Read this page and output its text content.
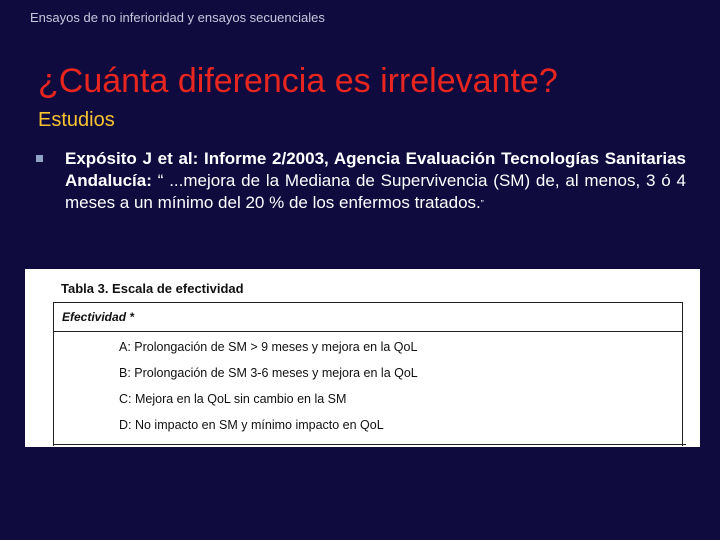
Ensayos de no inferioridad y ensayos secuenciales
¿Cuánta diferencia es irrelevante?
Estudios
Expósito J et al: Informe 2/2003, Agencia Evaluación Tecnologías Sanitarias Andalucía: “ ...mejora de la Mediana de Supervivencia (SM) de, al menos, 3 ó 4 meses a un mínimo del 20 % de los enfermos tratados.”
Tabla 3. Escala de efectividad
Efectividad *
A: Prolongación de SM > 9 meses y mejora en la QoL
B: Prolongación de SM 3-6 meses y mejora en la QoL
C: Mejora en la QoL sin cambio en la SM
D: No impacto en SM y mínimo impacto en QoL
